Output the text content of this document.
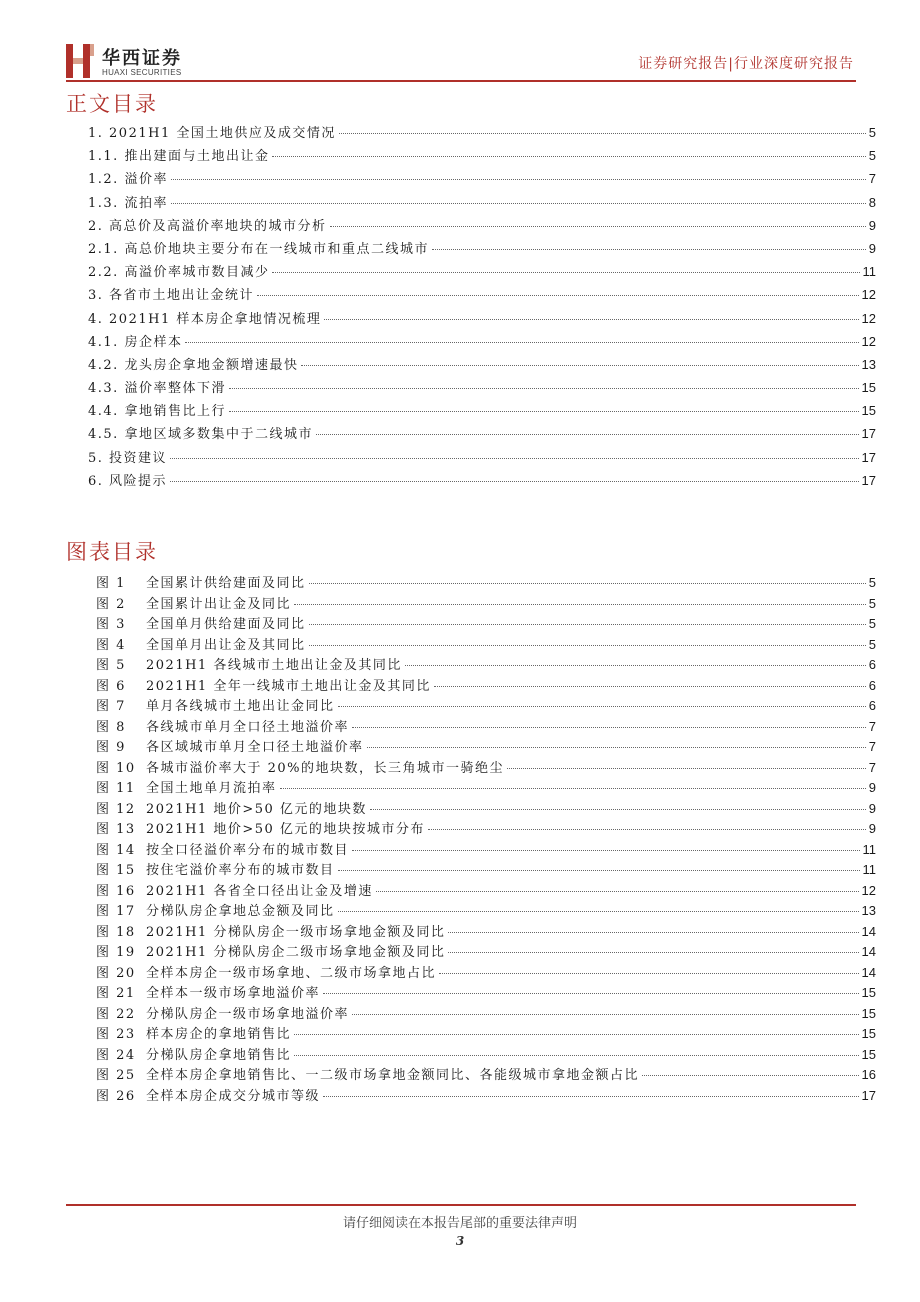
华西证券
HUAXI SECURITIES
证券研究报告|行业深度研究报告
正文目录
1. 2021H1 全国土地供应及成交情况	5
1.1. 推出建面与土地出让金	5
1.2. 溢价率	7
1.3. 流拍率	8
2. 高总价及高溢价率地块的城市分析	9
2.1. 高总价地块主要分布在一线城市和重点二线城市	9
2.2. 高溢价率城市数目减少	11
3. 各省市土地出让金统计	12
4. 2021H1 样本房企拿地情况梳理	12
4.1. 房企样本	12
4.2. 龙头房企拿地金额增速最快	13
4.3. 溢价率整体下滑	15
4.4. 拿地销售比上行	15
4.5. 拿地区域多数集中于二线城市	17
5. 投资建议	17
6. 风险提示	17
图表目录
图 1	全国累计供给建面及同比	5
图 2	全国累计出让金及同比	5
图 3	全国单月供给建面及同比	5
图 4	全国单月出让金及其同比	5
图 5	2021H1 各线城市土地出让金及其同比	6
图 6	2021H1 全年一线城市土地出让金及其同比	6
图 7	单月各线城市土地出让金同比	6
图 8	各线城市单月全口径土地溢价率	7
图 9	各区域城市单月全口径土地溢价率	7
图 10 各城市溢价率大于 20%的地块数，长三角城市一骑绝尘	7
图 11 全国土地单月流拍率	9
图 12 2021H1 地价>50 亿元的地块数	9
图 13 2021H1 地价>50 亿元的地块按城市分布	9
图 14 按全口径溢价率分布的城市数目	11
图 15 按住宅溢价率分布的城市数目	11
图 16 2021H1 各省全口径出让金及增速	12
图 17 分梯队房企拿地总金额及同比	13
图 18 2021H1 分梯队房企一级市场拿地金额及同比	14
图 19 2021H1 分梯队房企二级市场拿地金额及同比	14
图 20 全样本房企一级市场拿地、二级市场拿地占比	14
图 21 全样本一级市场拿地溢价率	15
图 22 分梯队房企一级市场拿地溢价率	15
图 23 样本房企的拿地销售比	15
图 24 分梯队房企拿地销售比	15
图 25 全样本房企拿地销售比、一二级市场拿地金额同比、各能级城市拿地金额占比	16
图 26 全样本房企成交分城市等级	17
请仔细阅读在本报告尾部的重要法律声明
3
